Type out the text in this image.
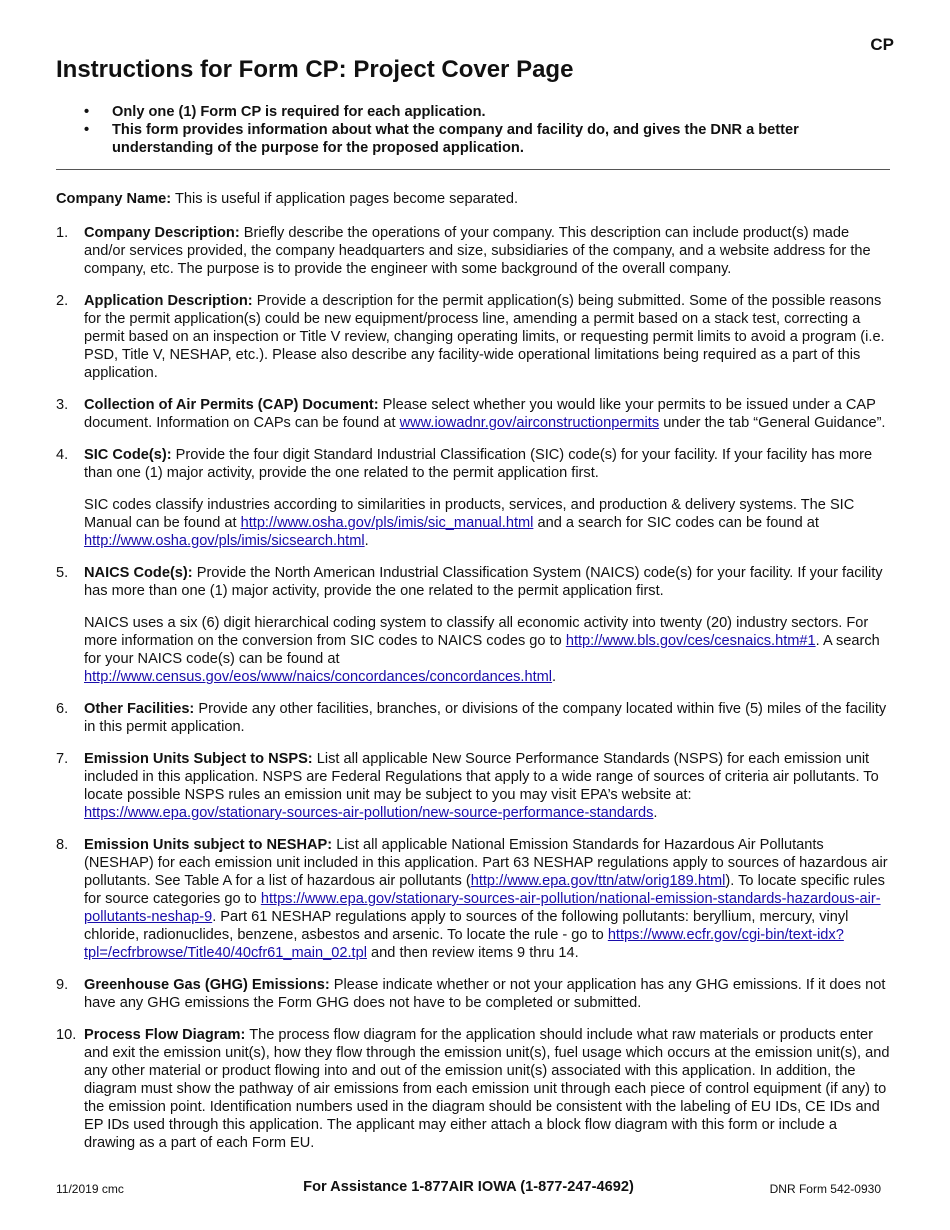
CP
Instructions for Form CP: Project Cover Page
• Only one (1) Form CP is required for each application.
• This form provides information about what the company and facility do, and gives the DNR a better understanding of the purpose for the proposed application.

Company Name: This is useful if application pages become separated.

1. Company Description: Briefly describe the operations of your company. This description can include product(s) made and/or services provided, the company headquarters and size, subsidiaries of the company, and a website address for the company, etc. The purpose is to provide the engineer with some background of the overall company.

2. Application Description: Provide a description for the permit application(s) being submitted. Some of the possible reasons for the permit application(s) could be new equipment/process line, amending a permit based on a stack test, correcting a permit based on an inspection or Title V review, changing operating limits, or requesting permit limits to avoid a program (i.e. PSD, Title V, NESHAP, etc.). Please also describe any facility-wide operational limitations being required as a part of this application.

3. Collection of Air Permits (CAP) Document: Please select whether you would like your permits to be issued under a CAP document. Information on CAPs can be found at www.iowadnr.gov/airconstructionpermits under the tab “General Guidance”.

4. SIC Code(s): Provide the four digit Standard Industrial Classification (SIC) code(s) for your facility. If your facility has more than one (1) major activity, provide the one related to the permit application first.

SIC codes classify industries according to similarities in products, services, and production & delivery systems. The SIC Manual can be found at http://www.osha.gov/pls/imis/sic_manual.html and a search for SIC codes can be found at http://www.osha.gov/pls/imis/sicsearch.html.

5. NAICS Code(s): Provide the North American Industrial Classification System (NAICS) code(s) for your facility. If your facility has more than one (1) major activity, provide the one related to the permit application first.

NAICS uses a six (6) digit hierarchical coding system to classify all economic activity into twenty (20) industry sectors. For more information on the conversion from SIC codes to NAICS codes go to http://www.bls.gov/ces/cesnaics.htm#1. A search for your NAICS code(s) can be found at
http://www.census.gov/eos/www/naics/concordances/concordances.html.

6. Other Facilities: Provide any other facilities, branches, or divisions of the company located within five (5) miles of the facility in this permit application.

7. Emission Units Subject to NSPS: List all applicable New Source Performance Standards (NSPS) for each emission unit included in this application. NSPS are Federal Regulations that apply to a wide range of sources of criteria air pollutants. To locate possible NSPS rules an emission unit may be subject to you may visit EPA’s website at: https://www.epa.gov/stationary-sources-air-pollution/new-source-performance-standards.

8. Emission Units subject to NESHAP: List all applicable National Emission Standards for Hazardous Air Pollutants (NESHAP) for each emission unit included in this application. Part 63 NESHAP regulations apply to sources of hazardous air pollutants. See Table A for a list of hazardous air pollutants (http://www.epa.gov/ttn/atw/orig189.html). To locate specific rules for source categories go to https://www.epa.gov/stationary-sources-air-pollution/national-emission-standards-hazardous-air-pollutants-neshap-9. Part 61 NESHAP regulations apply to sources of the following pollutants: beryllium, mercury, vinyl chloride, radionuclides, benzene, asbestos and arsenic. To locate the rule - go to https://www.ecfr.gov/cgi-bin/text-idx?tpl=/ecfrbrowse/Title40/40cfr61_main_02.tpl and then review items 9 thru 14.

9. Greenhouse Gas (GHG) Emissions: Please indicate whether or not your application has any GHG emissions. If it does not have any GHG emissions the Form GHG does not have to be completed or submitted.

10. Process Flow Diagram: The process flow diagram for the application should include what raw materials or products enter and exit the emission unit(s), how they flow through the emission unit(s), fuel usage which occurs at the emission unit(s), and any other material or product flowing into and out of the emission unit(s) associated with this application. In addition, the diagram must show the pathway of air emissions from each emission unit through each piece of control equipment (if any) to the emission point. Identification numbers used in the diagram should be consistent with the labeling of EU IDs, CE IDs and EP IDs used through this application. The applicant may either attach a block flow diagram with this form or include a drawing as a part of each Form EU.

11/2019 cmc	For Assistance 1-877AIR IOWA (1-877-247-4692)	DNR Form 542-0930
